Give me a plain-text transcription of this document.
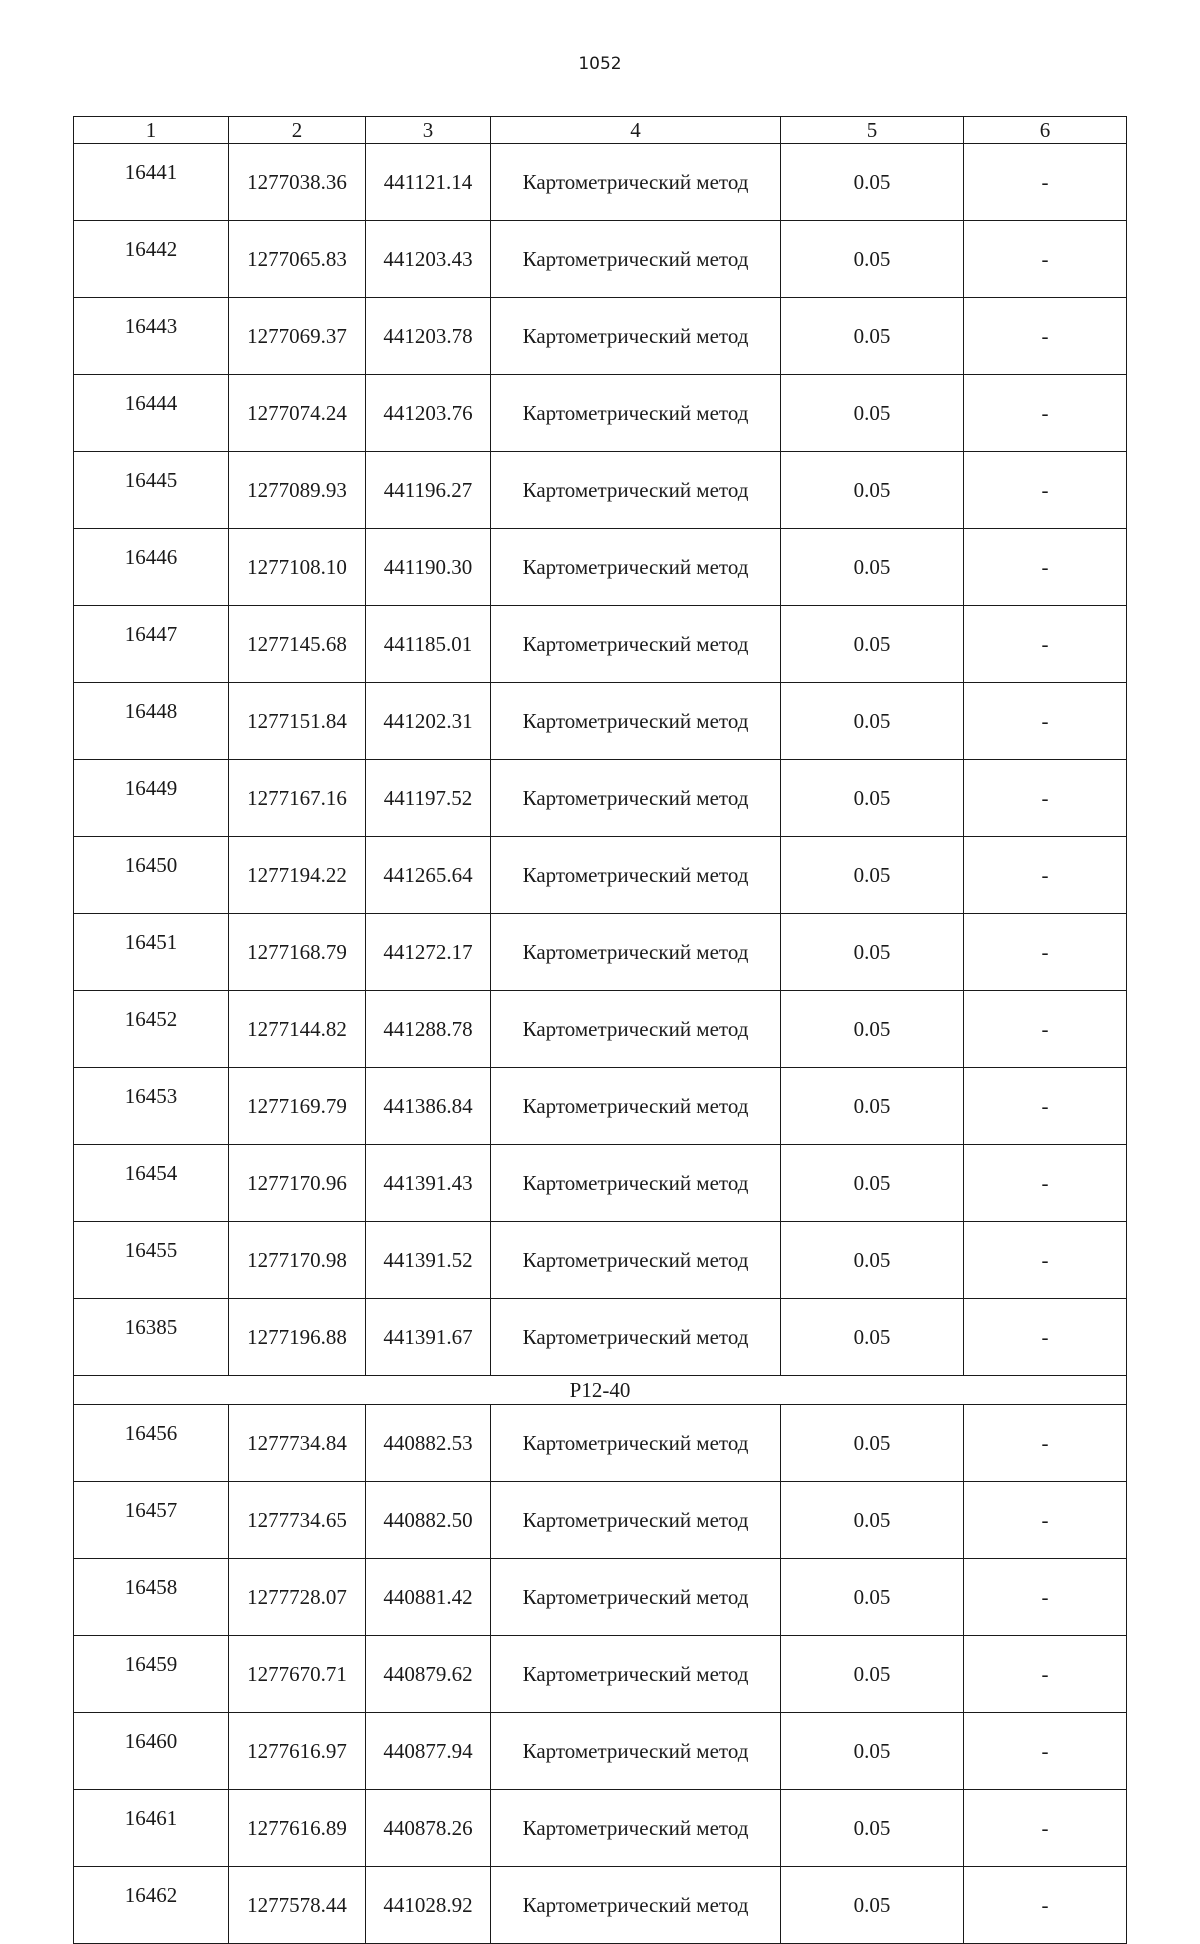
1052
1	2	3	4	5	6
16441	1277038.36	441121.14	Картометрический метод	0.05	-
16442	1277065.83	441203.43	Картометрический метод	0.05	-
16443	1277069.37	441203.78	Картометрический метод	0.05	-
16444	1277074.24	441203.76	Картометрический метод	0.05	-
16445	1277089.93	441196.27	Картометрический метод	0.05	-
16446	1277108.10	441190.30	Картометрический метод	0.05	-
16447	1277145.68	441185.01	Картометрический метод	0.05	-
16448	1277151.84	441202.31	Картометрический метод	0.05	-
16449	1277167.16	441197.52	Картометрический метод	0.05	-
16450	1277194.22	441265.64	Картометрический метод	0.05	-
16451	1277168.79	441272.17	Картометрический метод	0.05	-
16452	1277144.82	441288.78	Картометрический метод	0.05	-
16453	1277169.79	441386.84	Картометрический метод	0.05	-
16454	1277170.96	441391.43	Картометрический метод	0.05	-
16455	1277170.98	441391.52	Картометрический метод	0.05	-
16385	1277196.88	441391.67	Картометрический метод	0.05	-
Р12-40					
16456	1277734.84	440882.53	Картометрический метод	0.05	-
16457	1277734.65	440882.50	Картометрический метод	0.05	-
16458	1277728.07	440881.42	Картометрический метод	0.05	-
16459	1277670.71	440879.62	Картометрический метод	0.05	-
16460	1277616.97	440877.94	Картометрический метод	0.05	-
16461	1277616.89	440878.26	Картометрический метод	0.05	-
16462	1277578.44	441028.92	Картометрический метод	0.05	-
